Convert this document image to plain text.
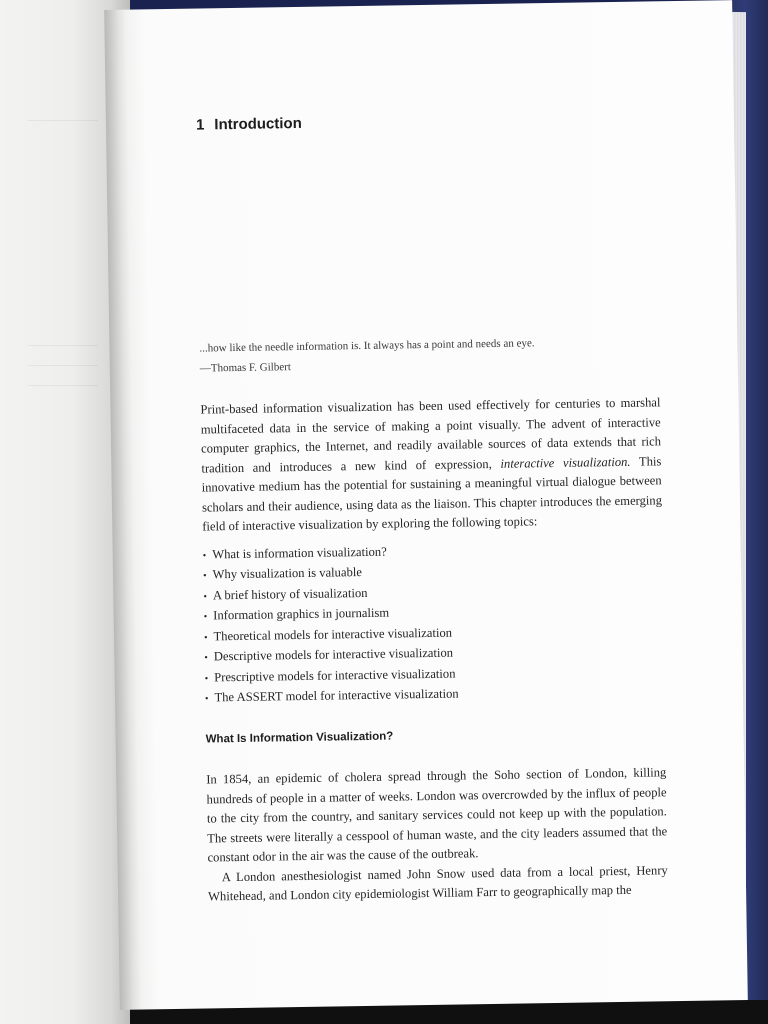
1 Introduction

...how like the needle information is. It always has a point and needs an eye.

—Thomas F. Gilbert

Print-based information visualization has been used effectively for centuries to marshal multifaceted data in the service of making a point visually. The advent of interactive computer graphics, the Internet, and readily available sources of data extends that rich tradition and introduces a new kind of expression, interactive visualization. This innovative medium has the potential for sustaining a meaningful virtual dialogue between scholars and their audience, using data as the liaison. This chapter introduces the emerging field of interactive visualization by exploring the following topics:

• What is information visualization?
• Why visualization is valuable
• A brief history of visualization
• Information graphics in journalism
• Theoretical models for interactive visualization
• Descriptive models for interactive visualization
• Prescriptive models for interactive visualization
• The ASSERT model for interactive visualization
What Is Information Visualization?

In 1854, an epidemic of cholera spread through the Soho section of London, killing hundreds of people in a matter of weeks. London was overcrowded by the influx of people to the city from the country, and sanitary services could not keep up with the population. The streets were literally a cesspool of human waste, and the city leaders assumed that the constant odor in the air was the cause of the outbreak.

A London anesthesiologist named John Snow used data from a local priest, Henry Whitehead, and London city epidemiologist William Farr to geographically map the
